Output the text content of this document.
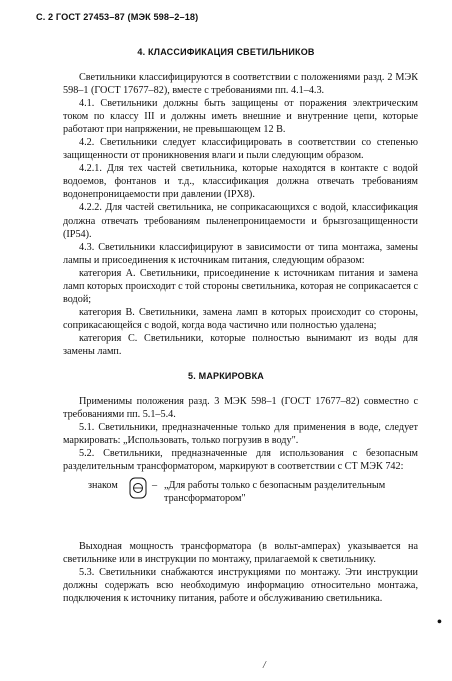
С. 2 ГОСТ 27453–87 (МЭК 598–2–18)
4. КЛАССИФИКАЦИЯ СВЕТИЛЬНИКОВ

Светильники классифицируются в соответствии с положениями разд. 2 МЭК 598–1 (ГОСТ 17677–82), вместе с требованиями пп. 4.1–4.3.

4.1. Светильники должны быть защищены от поражения электрическим током по классу III и должны иметь внешние и внутренние цепи, которые работают при напряжении, не превышающем 12 В.

4.2. Светильники следует классифицировать в соответствии со степенью защищенности от проникновения влаги и пыли следующим образом.

4.2.1. Для тех частей светильника, которые находятся в контакте с водой водоемов, фонтанов и т.д., классификация должна отвечать требованиям водонепроницаемости при давлении (IPX8).

4.2.2. Для частей светильника, не соприкасающихся с водой, классификация должна отвечать требованиям пыленепроницаемости и брызгозащищенности (IP54).

4.3. Светильники классифицируют в зависимости от типа монтажа, замены лампы и присоединения к источникам питания, следующим образом:

категория А. Светильники, присоединение к источникам питания и замена ламп которых происходит с той стороны светильника, которая не соприкасается с водой;

категория В. Светильники, замена ламп в которых происходит со стороны, соприкасающейся с водой, когда вода частично или полностью удалена;

категория С. Светильники, которые полностью вынимают из воды для замены ламп.

5. МАРКИРОВКА

Применимы положения разд. 3 МЭК 598–1 (ГОСТ 17677–82) совместно с требованиями пп. 5.1–5.4.

5.1. Светильники, предназначенные только для применения в воде, следует маркировать: „Использовать, только погрузив в воду".

5.2. Светильники, предназначенные для использования с безопасным разделительным трансформатором, маркируют в соответствии с СТ МЭК 742:

знаком	– „Для работы только с безопасным разделительным трансформатором"

Выходная мощность трансформатора (в вольт-амперах) указывается на светильнике или в инструкции по монтажу, прилагаемой к светильнику.

5.3. Светильники снабжаются инструкциями по монтажу. Эти инструкции должны содержать всю необходимую информацию относительно монтажа, подключения к источнику питания, работе и обслуживанию светильника.

•
/
